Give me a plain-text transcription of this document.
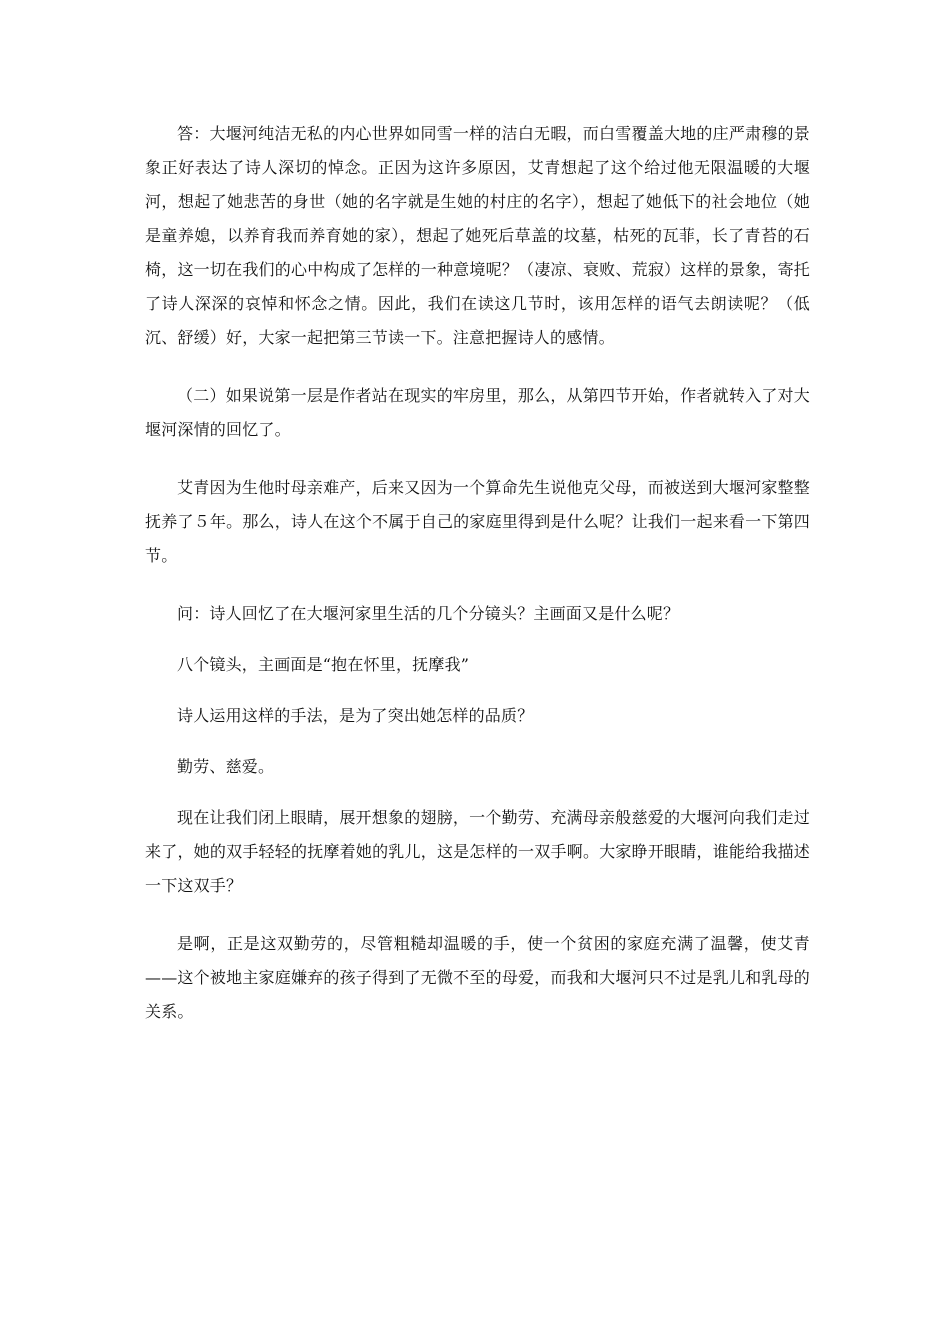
答：大堰河纯洁无私的内心世界如同雪一样的洁白无暇，而白雪覆盖大地的庄严肃穆的景象正好表达了诗人深切的悼念。正因为这许多原因，艾青想起了这个给过他无限温暖的大堰河，想起了她悲苦的身世（她的名字就是生她的村庄的名字），想起了她低下的社会地位（她是童养媳，以养育我而养育她的家），想起了她死后草盖的坟墓，枯死的瓦菲，长了青苔的石椅，这一切在我们的心中构成了怎样的一种意境呢？（凄凉、衰败、荒寂）这样的景象，寄托了诗人深深的哀悼和怀念之情。因此，我们在读这几节时，该用怎样的语气去朗读呢？（低沉、舒缓）好，大家一起把第三节读一下。注意把握诗人的感情。

（二）如果说第一层是作者站在现实的牢房里，那么，从第四节开始，作者就转入了对大堰河深情的回忆了。

艾青因为生他时母亲难产，后来又因为一个算命先生说他克父母，而被送到大堰河家整整抚养了５年。那么，诗人在这个不属于自己的家庭里得到是什么呢？让我们一起来看一下第四节。

问：诗人回忆了在大堰河家里生活的几个分镜头？主画面又是什么呢？

八个镜头，主画面是“抱在怀里，抚摩我”

诗人运用这样的手法，是为了突出她怎样的品质？

勤劳、慈爱。

现在让我们闭上眼睛，展开想象的翅膀，一个勤劳、充满母亲般慈爱的大堰河向我们走过来了，她的双手轻轻的抚摩着她的乳儿，这是怎样的一双手啊。大家睁开眼睛，谁能给我描述一下这双手？

是啊，正是这双勤劳的，尽管粗糙却温暖的手，使一个贫困的家庭充满了温馨，使艾青——这个被地主家庭嫌弃的孩子得到了无微不至的母爱，而我和大堰河只不过是乳儿和乳母的关系。
